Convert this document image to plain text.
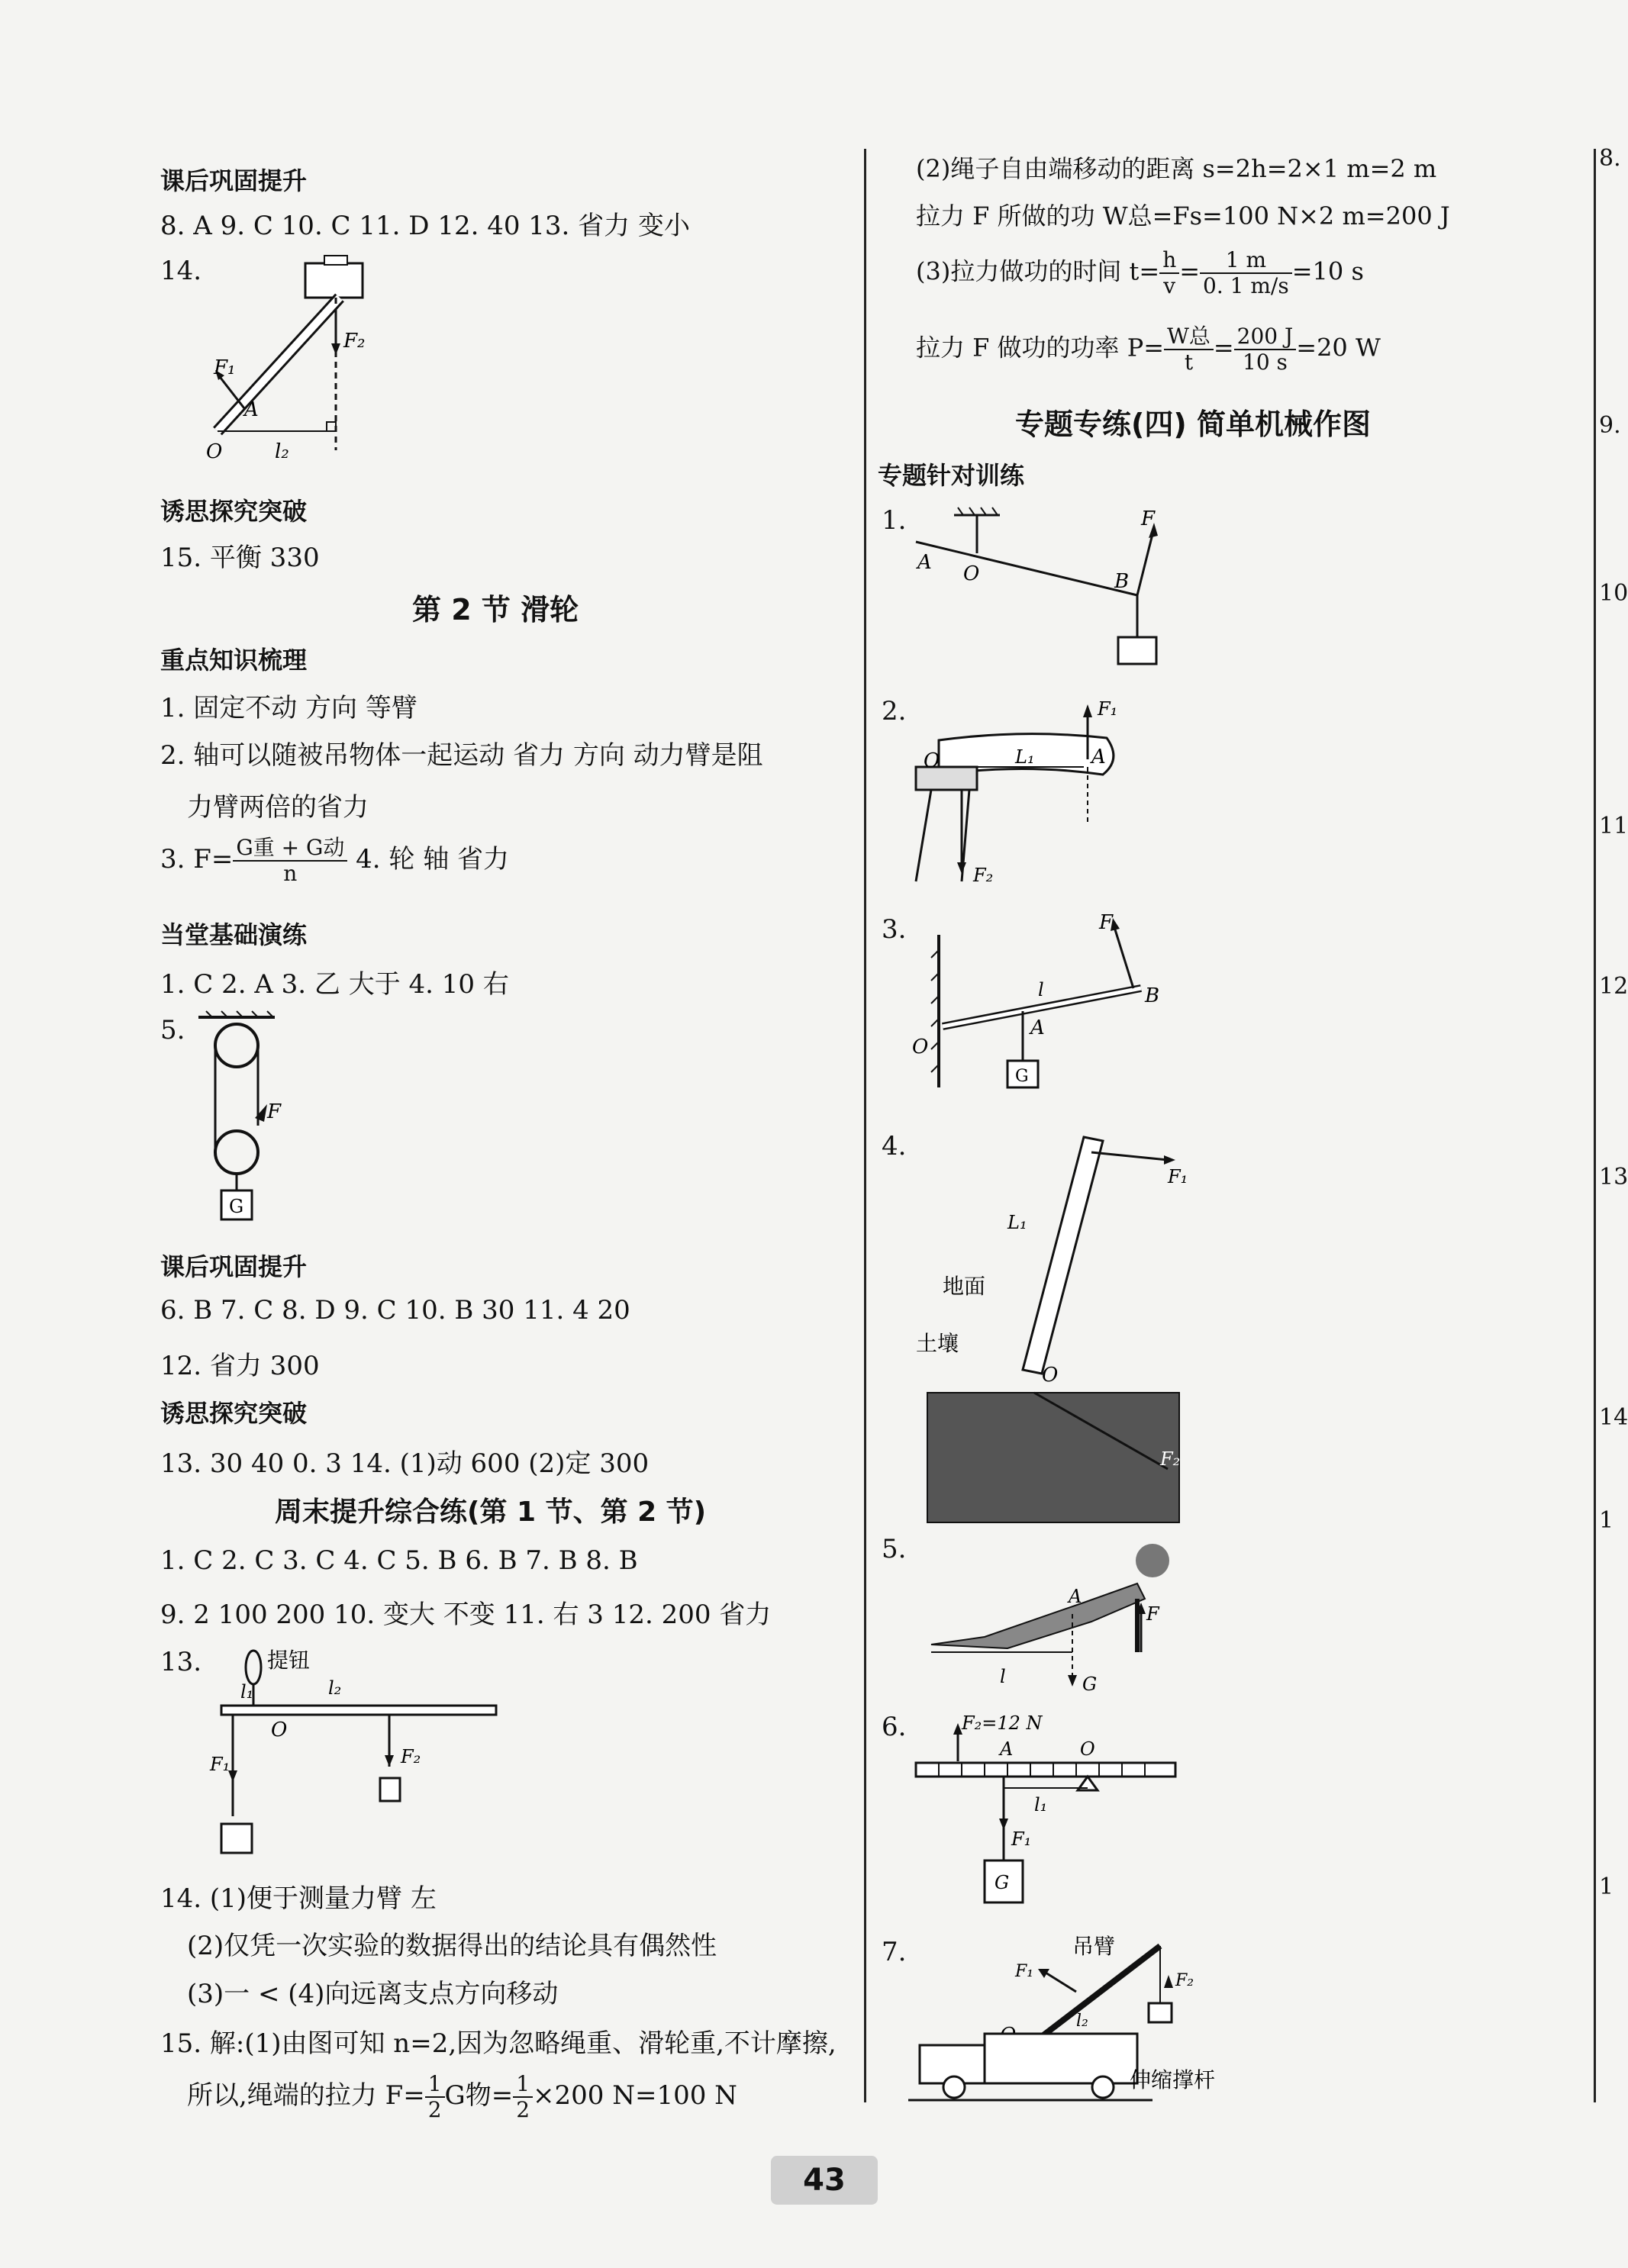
课后巩固提升
8. A 9. C 10. C 11. D 12. 40 13. 省力 变小
14.
F₂
F₁
A
O	l₂
诱思探究突破
15. 平衡 330
第 2 节 滑轮
重点知识梳理
1. 固定不动 方向 等臂
2. 轴可以随被吊物体一起运动 省力 方向 动力臂是阻
力臂两倍的省力
3. $F= \frac{\text{G重 + G动}}{n} 4$. 轮 轴 省力
当堂基础演练
1. C 2. A 3. 乙 大于 4. 10 右
5.
F
G
课后巩固提升
6. B 7. C 8. D 9. C 10. B 30 11. 4 20
12. 省力 300
诱思探究突破
13. 30 40 0. 3 14. (1)动 600 (2)定 300
周末提升综合练(第 1 节、第 2 节)
1. C 2. C 3. C 4. C 5. B 6. B 7. B 8. B
9. 2 100 200 10. 变大 不变 11. 右 3 12. 200 省力
13.	提钮
l₁	l₂
O
F₁	F₂
14. (1)便于测量力臂 左
(2)仅凭一次实验的数据得出的结论具有偶然性
(3)一 < (4)向远离支点方向移动
15. 解:(1)由图可知 n=2,因为忽略绳重、滑轮重,不计摩擦,
所以,绳端的拉力 $F= \frac{1}{2}$ G物= $\frac{1}{2} \times 200$ N=100 N
(2)绳子自由端移动的距离 s=2h=2×1 m=2 m
拉力 F 所做的功 W总=Fs=100 N×2 m=200 J
(3)拉力做功的时间 $t= \frac{h}{v} = \frac{1 m}{0. 1 m/s} =10$ s
拉力 F 做功的功率 $P= \frac{\text{W总}}{t} = \frac{200 J}{10 s} =20$ W
专题专练(四) 简单机械作图
专题针对训练
1.
A O	B
F
2.
O	L₁	A
F₁
F₂
3.
O
l	B
F
A
G
4.
F₁
L₁
地面
土壤
O
F₂
5.
A
F
l	G
6.	F₂=12 N
A	O
l₁
F₁
G
7.	吊臂
F₂
F₁
l₂
伸缩撑杆
8.
9.
10
11
12
13
14
1
1
43
